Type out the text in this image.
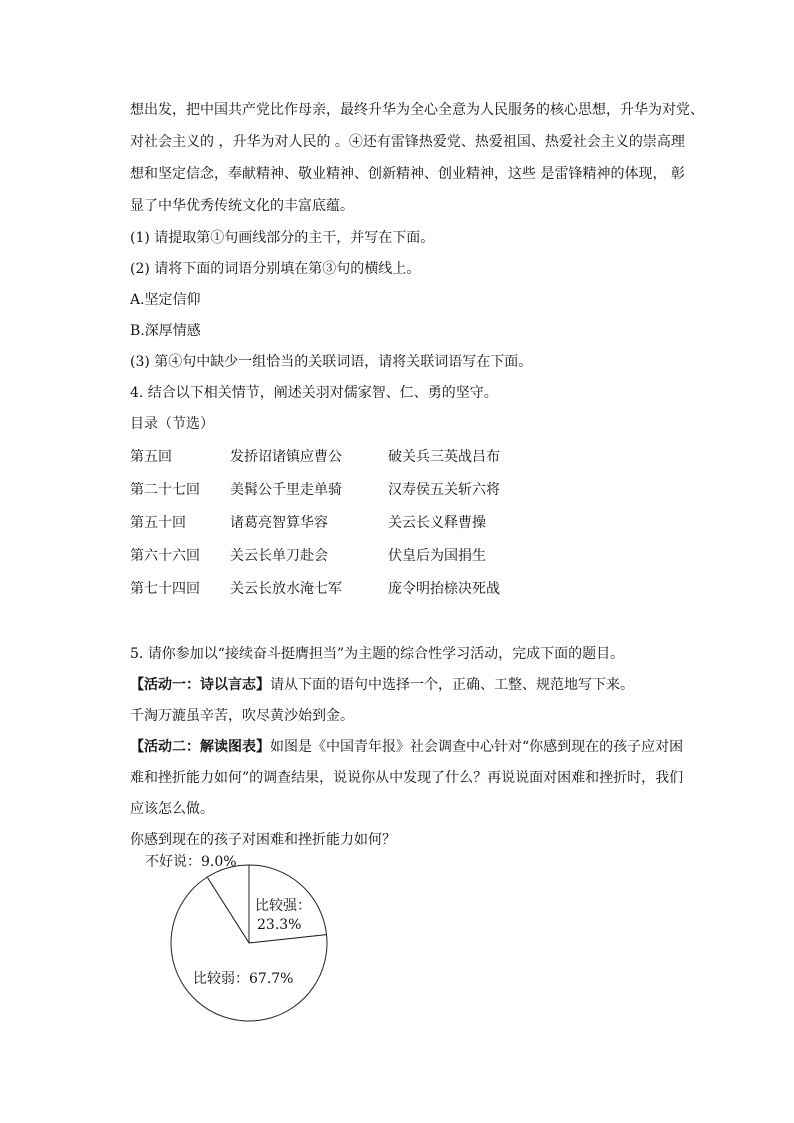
想出发，把中国共产党比作母亲，最终升华为全心全意为人民服务的核心思想，升华为对党、
对社会主义的 ，升华为对人民的 。④还有雷锋热爱党、热爱祖国、热爱社会主义的崇高理
想和坚定信念，奉献精神、敬业精神、创新精神、创业精神，这些 是雷锋精神的体现， 彰
显了中华优秀传统文化的丰富底蕴。
(1) 请提取第①句画线部分的主干，并写在下面。
(2) 请将下面的词语分别填在第③句的横线上。
A.坚定信仰
B.深厚情感
(3) 第④句中缺少一组恰当的关联词语，请将关联词语写在下面。
4. 结合以下相关情节，阐述关羽对儒家智、仁、勇的坚守。
目录（节选）
第五回	发挢诏诸镇应曹公	破关兵三英战吕布
第二十七回 美髯公千里走单骑	汉寿侯五关斩六将
第五十回	诸葛亮智算华容	关云长义释曹操
第六十六回 关云长单刀赴会	伏皇后为国捐生
第七十四回 关云长放水淹七军	庞令明抬榇决死战
5. 请你参加以“接续奋斗挺膺担当”为主题的综合性学习活动，完成下面的题目。
【活动一：诗以言志】请从下面的语句中选择一个，正确、工整、规范地写下来。
千淘万漉虽辛苦，吹尽黄沙始到金。
【活动二：解读图表】如图是《中国青年报》社会调查中心针对“你感到现在的孩子应对困
难和挫折能力如何”的调查结果，说说你从中发现了什么？再说说面对困难和挫折时，我们
应该怎么做。
你感到现在的孩子对困难和挫折能力如何？
不好说：9.0%
比较强：
23.3%
比较弱：67.7%
